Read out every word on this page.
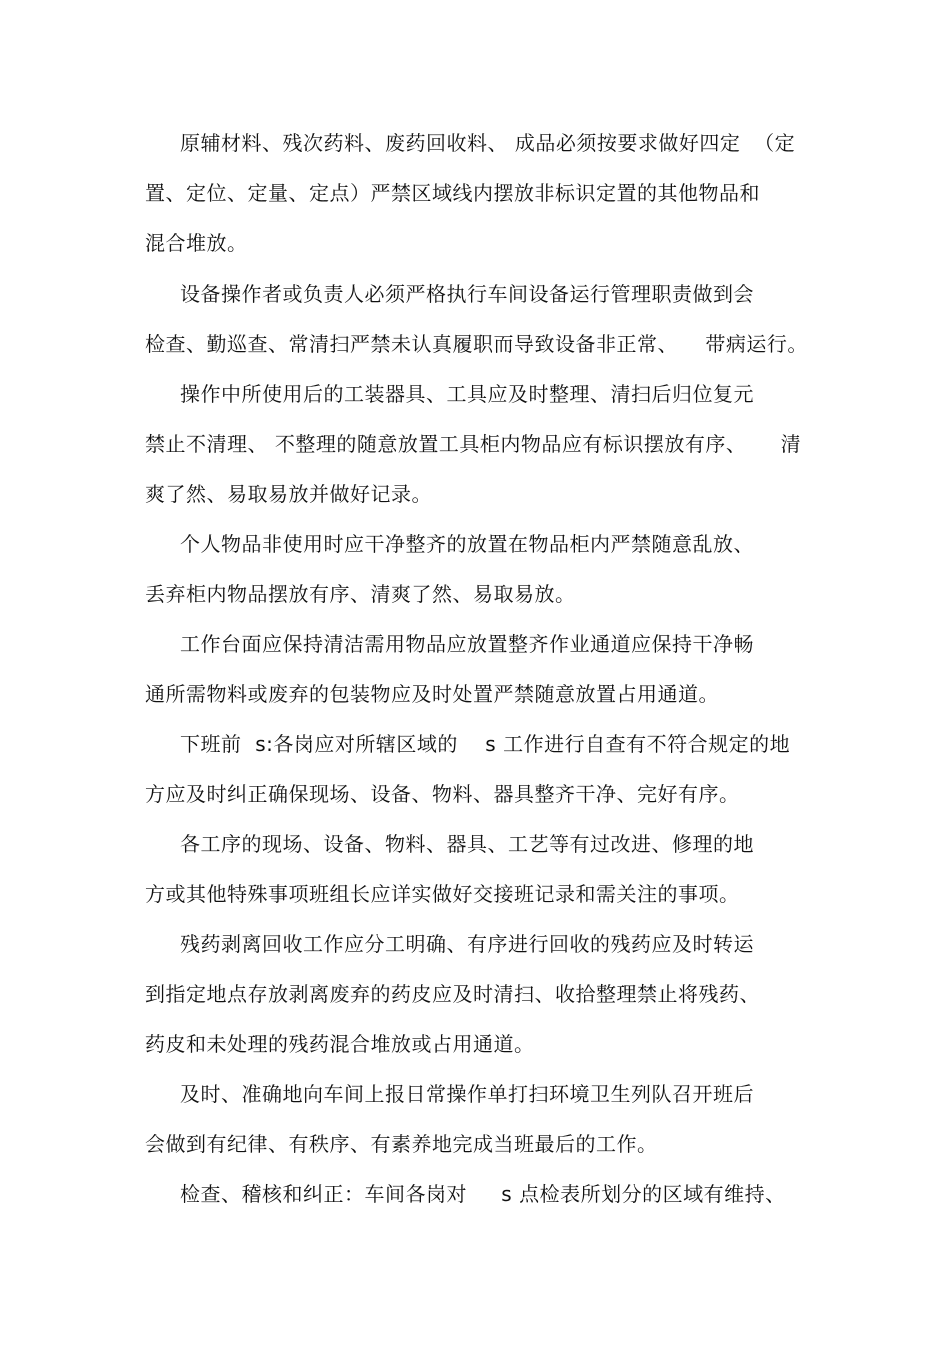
原辅材料、残次药料、废药回收料、 成品必须按要求做好四定  （定
置、定位、定量、定点）严禁区域线内摆放非标识定置的其他物品和
混合堆放。
设备操作者或负责人必须严格执行车间设备运行管理职责做到会
检查、勤巡查、常清扫严禁未认真履职而导致设备非正常、    带病运行。
操作中所使用后的工装器具、工具应及时整理、清扫后归位复元
禁止不清理、 不整理的随意放置工具柜内物品应有标识摆放有序、     清
爽了然、易取易放并做好记录。
个人物品非使用时应干净整齐的放置在物品柜内严禁随意乱放、
丢弃柜内物品摆放有序、清爽了然、易取易放。
工作台面应保持清洁需用物品应放置整齐作业通道应保持干净畅
通所需物料或废弃的包装物应及时处置严禁随意放置占用通道。
下班前  s:各岗应对所辖区域的    s 工作进行自查有不符合规定的地
方应及时纠正确保现场、设备、物料、器具整齐干净、完好有序。
各工序的现场、设备、物料、器具、工艺等有过改进、修理的地
方或其他特殊事项班组长应详实做好交接班记录和需关注的事项。
残药剥离回收工作应分工明确、有序进行回收的残药应及时转运
到指定地点存放剥离废弃的药皮应及时清扫、收拾整理禁止将残药、
药皮和未处理的残药混合堆放或占用通道。
及时、准确地向车间上报日常操作单打扫环境卫生列队召开班后
会做到有纪律、有秩序、有素养地完成当班最后的工作。
检查、稽核和纠正：车间各岗对     s 点检表所划分的区域有维持、
